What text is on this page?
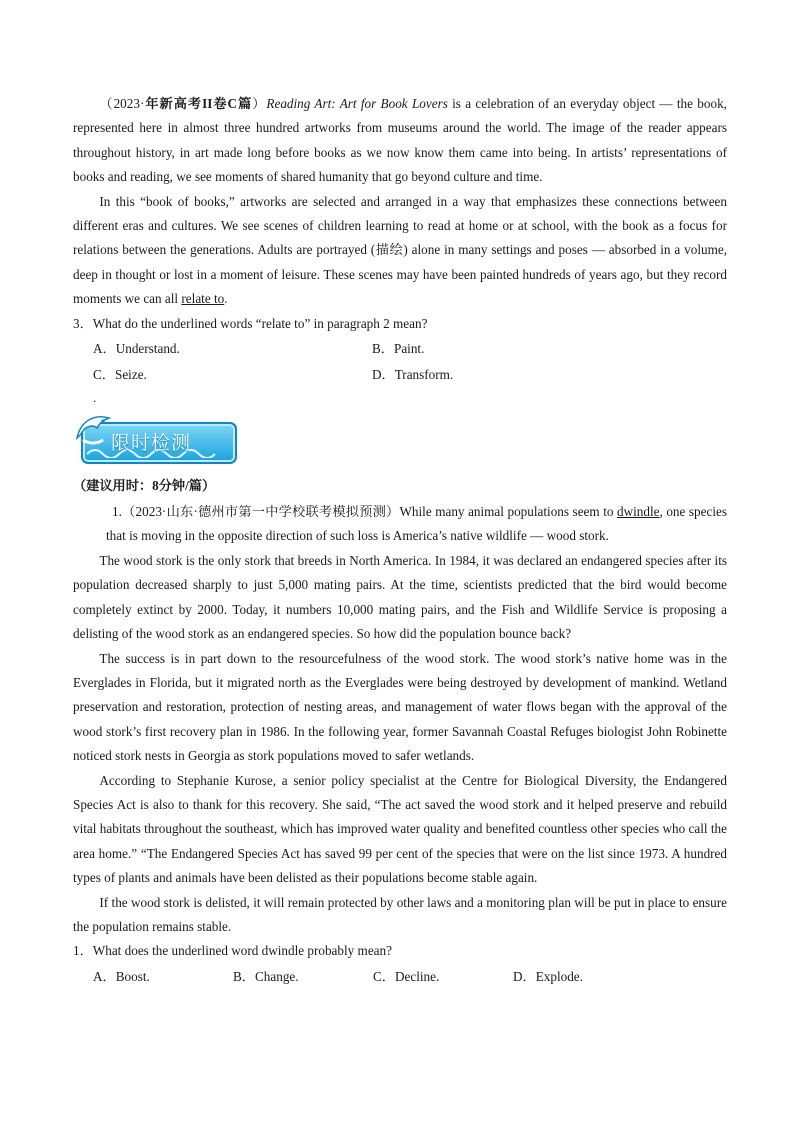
（2023·年新高考II卷C篇）Reading Art: Art for Book Lovers is a celebration of an everyday object — the book, represented here in almost three hundred artworks from museums around the world. The image of the reader appears throughout history, in art made long before books as we now know them came into being. In artists’ representations of books and reading, we see moments of shared humanity that go beyond culture and time.

In this “book of books,” artworks are selected and arranged in a way that emphasizes these connections between different eras and cultures. We see scenes of children learning to read at home or at school, with the book as a focus for relations between the generations. Adults are portrayed (描绘) alone in many settings and poses — absorbed in a volume, deep in thought or lost in a moment of leisure. These scenes may have been painted hundreds of years ago, but they record moments we can all relate to.

3．What do the underlined words “relate to” in paragraph 2 mean?

A．Understand.	B．Paint.
C．Seize.	D．Transform.

.

限时检测

（建议用时：8分钟/篇）

1.（2023·山东·德州市第一中学校联考模拟预测）While many animal populations seem to dwindle, one species that is moving in the opposite direction of such loss is America’s native wildlife — wood stork.

The wood stork is the only stork that breeds in North America. In 1984, it was declared an endangered species after its population decreased sharply to just 5,000 mating pairs. At the time, scientists predicted that the bird would become completely extinct by 2000. Today, it numbers 10,000 mating pairs, and the Fish and Wildlife Service is proposing a delisting of the wood stork as an endangered species. So how did the population bounce back?

The success is in part down to the resourcefulness of the wood stork. The wood stork’s native home was in the Everglades in Florida, but it migrated north as the Everglades were being destroyed by development of mankind. Wetland preservation and restoration, protection of nesting areas, and management of water flows began with the approval of the wood stork’s first recovery plan in 1986. In the following year, former Savannah Coastal Refuges biologist John Robinette noticed stork nests in Georgia as stork populations moved to safer wetlands.

According to Stephanie Kurose, a senior policy specialist at the Centre for Biological Diversity, the Endangered Species Act is also to thank for this recovery. She said, “The act saved the wood stork and it helped preserve and rebuild vital habitats throughout the southeast, which has improved water quality and benefited countless other species who call the area home.” “The Endangered Species Act has saved 99 per cent of the species that were on the list since 1973. A hundred types of plants and animals have been delisted as their populations become stable again.

If the wood stork is delisted, it will remain protected by other laws and a monitoring plan will be put in place to ensure the population remains stable.

1．What does the underlined word dwindle probably mean?

A．Boost.	B．Change.	C．Decline.	D．Explode.
